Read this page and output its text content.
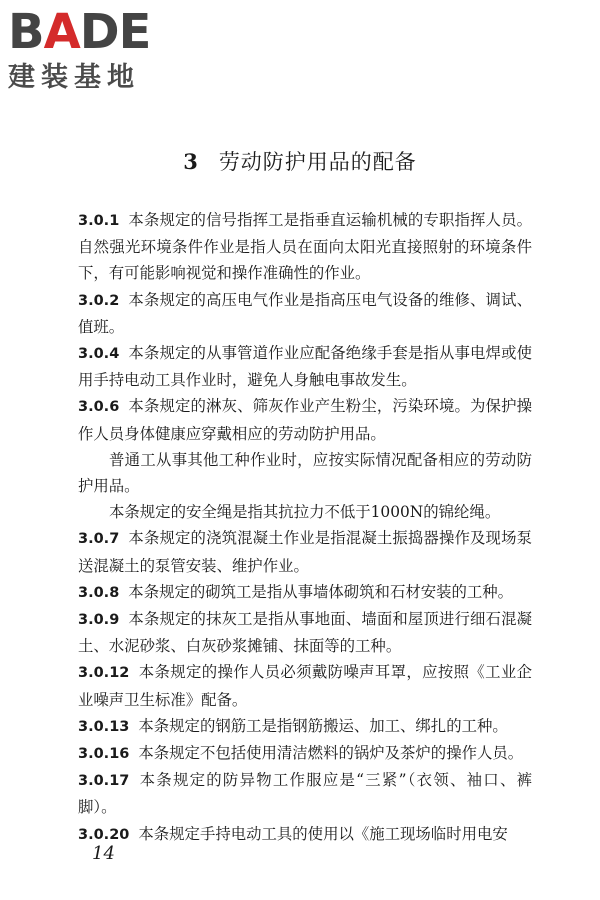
BADE
建装基地
3 劳动防护用品的配备

3.0.1 本条规定的信号指挥工是指垂直运输机械的专职指挥人员。自然强光环境条件作业是指人员在面向太阳光直接照射的环境条件下，有可能影响视觉和操作准确性的作业。

3.0.2 本条规定的高压电气作业是指高压电气设备的维修、调试、值班。

3.0.4 本条规定的从事管道作业应配备绝缘手套是指从事电焊或使用手持电动工具作业时，避免人身触电事故发生。

3.0.6 本条规定的淋灰、筛灰作业产生粉尘，污染环境。为保护操作人员身体健康应穿戴相应的劳动防护用品。

普通工从事其他工种作业时，应按实际情况配备相应的劳动防护用品。

本条规定的安全绳是指其抗拉力不低于1000N的锦纶绳。

3.0.7 本条规定的浇筑混凝土作业是指混凝土振捣器操作及现场泵送混凝土的泵管安装、维护作业。

3.0.8 本条规定的砌筑工是指从事墙体砌筑和石材安装的工种。

3.0.9 本条规定的抹灰工是指从事地面、墙面和屋顶进行细石混凝土、水泥砂浆、白灰砂浆摊铺、抹面等的工种。

3.0.12 本条规定的操作人员必须戴防噪声耳罩，应按照《工业企业噪声卫生标准》配备。

3.0.13 本条规定的钢筋工是指钢筋搬运、加工、绑扎的工种。

3.0.16 本条规定不包括使用清洁燃料的锅炉及茶炉的操作人员。

3.0.17 本条规定的防异物工作服应是“三紧”（衣领、袖口、裤脚）。

3.0.20 本条规定手持电动工具的使用以《施工现场临时用电安

14
